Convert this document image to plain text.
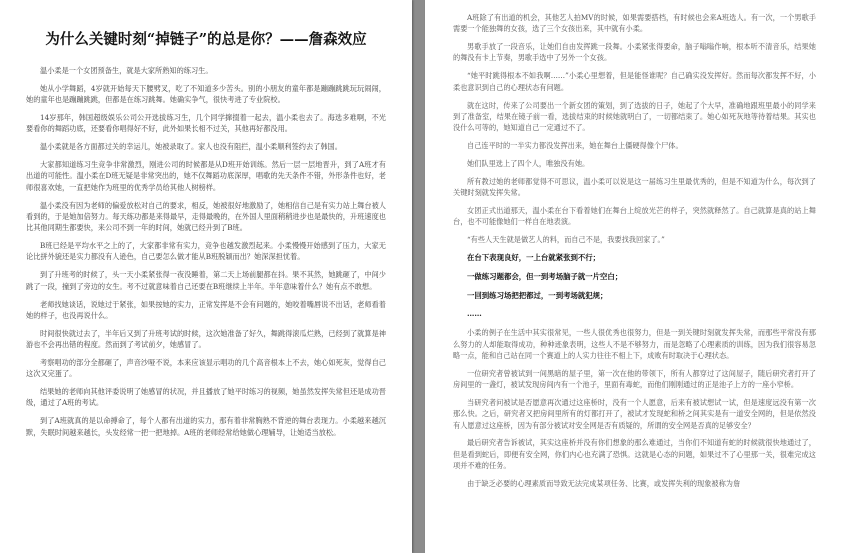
为什么关键时刻“掉链子”的总是你？——詹森效应

温小柔是一个女团预备生，就是大家所熟知的练习生。

她从小学舞蹈，4岁就开始每天下腰劈叉，吃了不知道多少苦头。别的小朋友的童年都是蹦蹦跳跳玩玩闹闹，她的童年也是蹦蹦跳跳，但都是在练习跳舞。她确实争气，很快考进了专业院校。

14岁那年，韩国超级娱乐公司公开选拔练习生，几个同学撺掇着一起去，温小柔也去了。海选多难啊，不光要看你的舞蹈功底，还要看你唱得好不好，此外如果长相不过关，其他再好都没用。

温小柔就是各方面都过关的幸运儿，她被录取了。家人也没有阻拦，温小柔顺利签约去了韩国。

大家都知道练习生竞争非常激烈，刚进公司的时候都是从D班开始训练。然后一层一层地晋升，到了A班才有出道的可能性。温小柔在D班无疑是非常突出的，她不仅舞蹈功底深厚，唱歌的先天条件不错，外形条件也好，老师很喜欢她，一直把她作为班里的优秀学员给其他人树榜样。

温小柔没有因为老师的偏爱放松对自己的要求，相反，她被很好地激励了，她相信自己是有实力站上舞台被人看到的，于是她加倍努力。每天练功都是来得最早，走得最晚的，在外国人里面稍稍进步也是最快的，升班速度也比其他同期生都要快，来公司不到一年的时间，她就已经升到了B班。

B班已经是平均水平之上的了，大家都非常有实力，竞争也越发激烈起来。小柔慢慢开始感到了压力，大家无论比拼外貌还是实力都没有人逊色，自己要怎么做才能从B班脱颖而出？她深深担忧着。

到了升班考的时候了，头一天小柔紧张得一夜没睡着，第二天上场前腿都在抖。果不其然，她跳砸了，中间少跳了一段，撞到了旁边的女生。考不过就意味着自己还要在B班继续上半年。半年意味着什么？她有点不敢想。

老师找她谈话，说她过于紧张，如果按她的实力，正常发挥是不会有问题的，她咬着嘴唇说不出话，老师看着她的样子，也没再说什么。

时间很快就过去了，半年后又到了升班考试的时候，这次她准备了好久，舞跳得滚瓜烂熟，已经到了就算是神游也不会再出错的程度。然而到了考试前夕，她感冒了。

考察唱功的部分全都砸了，声音沙哑不说，本来应该显示唱功的几个高音根本上不去，她心如死灰，觉得自己这次又完蛋了。

结果她的老师向其他评委说明了她感冒的状况，并且播放了她平时练习的视频，她虽然发挥失常但还是成功晋级，通过了A班的考试。

到了A班就真的是以命搏命了，每个人都有出道的实力，那有着非常胸熟不背逆的舞台表现力。小柔越来越沉默，失眠时间越来越长，头发经常一把一把地掉。A班的老师经常给她做心理辅导，让她适当放松。

A班除了有出道的机会，其他艺人拍MV的时候，如果需要搭档，有时候也会来A班选人。有一次，一个男歌手需要一个能独舞的女孩，选了三个女孩出来，其中就有小柔。

男歌手放了一段音乐，让她们自由发挥跳一段舞。小柔紧张得要命，脑子嗡嗡作响，根本听不清音乐，结果她的舞没有卡上节奏，男歌手选中了另外一个女孩。

“她平时跳得根本不如我啊……”小柔心里想着，但是能怪谁呢？自己确实没发挥好。然而每次都发挥不好，小柔也意识到自己的心理状态有问题。

就在这时，传来了公司要出一个新女团的策划，到了选拔的日子，她起了个大早，准确地跟班里最小的同学来到了准备室，结果在镜子前一看，选拔结束的时候她就明白了，一切都结束了。她心如死灰地等待着结果。其实也没什么可等的，她知道自己一定通过不了。

自己连平时的一半实力都没发挥出来，她在舞台上僵硬得像个尸体。

她们队里选上了四个人，唯独没有她。

所有教过她的老师都觉得不可思议，温小柔可以说是这一届练习生里最优秀的，但是不知道为什么，每次到了关键时刻就发挥失常。

女团正式出道那天，温小柔在台下看着她们在舞台上绽放光芒的样子，突然就释然了。自己就算是真的站上舞台，也不可能像她们一样自在地表演。

“有些人天生就是做艺人的料，而自己不是，我要找我回家了。”

在台下表现良好，一上台就紧张到不行；

一做练习题都会，但一到考场脑子就一片空白；

一回到练习场把把都过，一到考场就犯规；

……

小柔的例子在生活中其实很常见，一些人很优秀也很努力，但是一到关键时刻就发挥失常，而那些平常没有那么努力的人却能取得成功，种种迹象表明，这些人不是不够努力，而是忽略了心理素质的训练，因为我们很容易忽略一点，能和自己站在同一个赛道上的人实力往往不相上下，成败有时取决于心理状态。

一位研究者曾被试到一间黑暗的屋子里，第一次在他的带领下，所有人都穿过了这间屋子，随后研究者打开了房间里的一盏灯，被试发现房间内有一个池子，里面有毒蛇，而他们刚刚通过的正是池子上方的一座小窄桥。

当研究者问被试是否愿意再次通过这座桥时，没有一个人愿意，后来有被试想试一试，但是速度远没有第一次那么快。之后，研究者又把房间里所有的灯都打开了，被试才发现蛇和桥之间其实是有一道安全网的，但是依然没有人愿意过这座桥，因为有部分被试对安全网是否有质疑的，所谓的安全网是否真的足够安全？

最后研究者告诉被试，其实这座桥并没有你们想象的那么难通过，当你们不知道有蛇的时候就很快地通过了，但是看到蛇后，即便有安全网，你们内心也充满了恐惧。这就是心态的问题，如果过不了心里那一关，很难完成这项并不难的任务。

由于缺乏必要的心理素质而导致无法完成某项任务、比赛，或发挥失利的现象被称为詹
